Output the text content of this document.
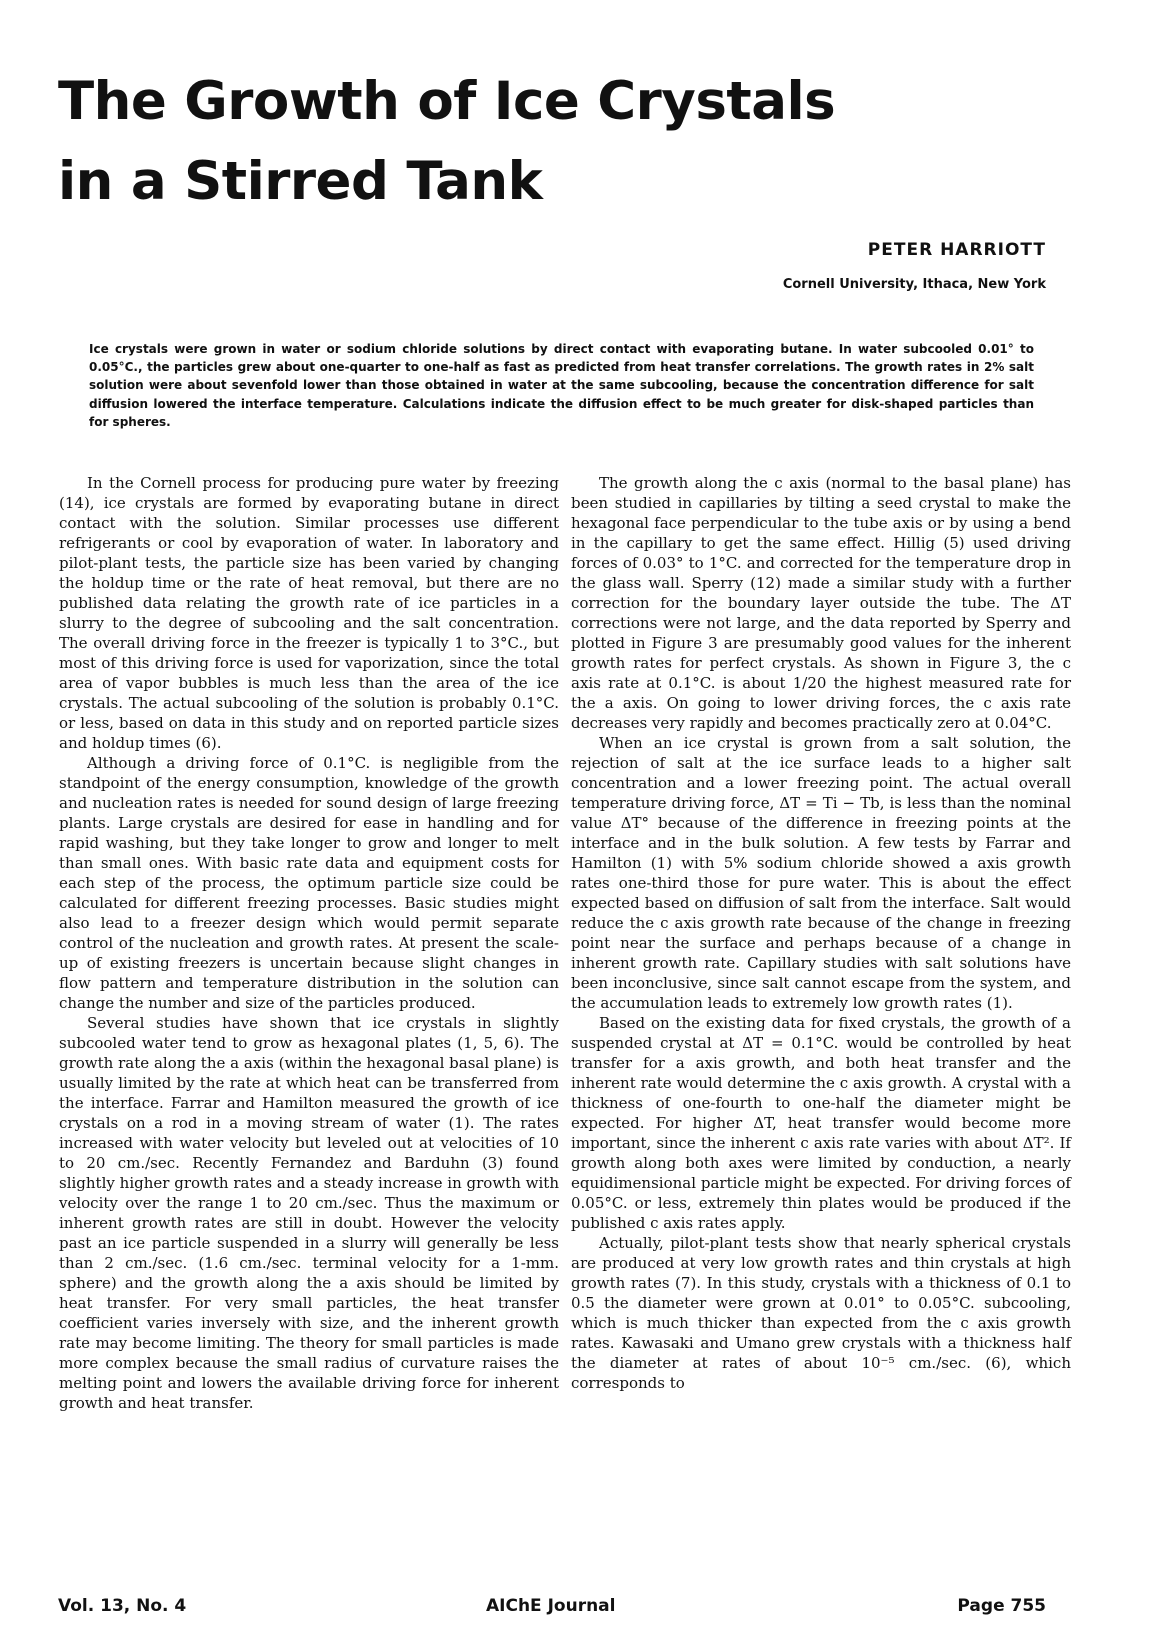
The Growth of Ice Crystals
in a Stirred Tank
PETER HARRIOTT
Cornell University, Ithaca, New York
Ice crystals were grown in water or sodium chloride solutions by direct contact with evaporating butane. In water subcooled 0.01° to 0.05°C., the particles grew about one-quarter to one-half as fast as predicted from heat transfer correlations. The growth rates in 2% salt solution were about sevenfold lower than those obtained in water at the same subcooling, because the concentration difference for salt diffusion lowered the interface temperature. Calculations indicate the diffusion effect to be much greater for disk-shaped particles than for spheres.

In the Cornell process for producing pure water by freezing (14), ice crystals are formed by evaporating butane in direct contact with the solution. Similar processes use different refrigerants or cool by evaporation of water. In laboratory and pilot-plant tests, the particle size has been varied by changing the holdup time or the rate of heat removal, but there are no published data relating the growth rate of ice particles in a slurry to the degree of subcooling and the salt concentration. The overall driving force in the freezer is typically 1 to 3°C., but most of this driving force is used for vaporization, since the total area of vapor bubbles is much less than the area of the ice crystals. The actual subcooling of the solution is probably 0.1°C. or less, based on data in this study and on reported particle sizes and holdup times (6).

Although a driving force of 0.1°C. is negligible from the standpoint of the energy consumption, knowledge of the growth and nucleation rates is needed for sound design of large freezing plants. Large crystals are desired for ease in handling and for rapid washing, but they take longer to grow and longer to melt than small ones. With basic rate data and equipment costs for each step of the process, the optimum particle size could be calculated for different freezing processes. Basic studies might also lead to a freezer design which would permit separate control of the nucleation and growth rates. At present the scale-up of existing freezers is uncertain because slight changes in flow pattern and temperature distribution in the solution can change the number and size of the particles produced.

Several studies have shown that ice crystals in slightly subcooled water tend to grow as hexagonal plates (1, 5, 6). The growth rate along the a axis (within the hexagonal basal plane) is usually limited by the rate at which heat can be transferred from the interface. Farrar and Hamilton measured the growth of ice crystals on a rod in a moving stream of water (1). The rates increased with water velocity but leveled out at velocities of 10 to 20 cm./sec. Recently Fernandez and Barduhn (3) found slightly higher growth rates and a steady increase in growth with velocity over the range 1 to 20 cm./sec. Thus the maximum or inherent growth rates are still in doubt. However the velocity past an ice particle suspended in a slurry will generally be less than 2 cm./sec. (1.6 cm./sec. terminal velocity for a 1-mm. sphere) and the growth along the a axis should be limited by heat transfer. For very small particles, the heat transfer coefficient varies inversely with size, and the inherent growth rate may become limiting. The theory for small particles is made more complex because the small radius of curvature raises the melting point and lowers the available driving force for inherent growth and heat transfer.

The growth along the c axis (normal to the basal plane) has been studied in capillaries by tilting a seed crystal to make the hexagonal face perpendicular to the tube axis or by using a bend in the capillary to get the same effect. Hillig (5) used driving forces of 0.03° to 1°C. and corrected for the temperature drop in the glass wall. Sperry (12) made a similar study with a further correction for the boundary layer outside the tube. The ΔT corrections were not large, and the data reported by Sperry and plotted in Figure 3 are presumably good values for the inherent growth rates for perfect crystals. As shown in Figure 3, the c axis rate at 0.1°C. is about 1/20 the highest measured rate for the a axis. On going to lower driving forces, the c axis rate decreases very rapidly and becomes practically zero at 0.04°C.

When an ice crystal is grown from a salt solution, the rejection of salt at the ice surface leads to a higher salt concentration and a lower freezing point. The actual overall temperature driving force, ΔT = Ti − Tb, is less than the nominal value ΔT° because of the difference in freezing points at the interface and in the bulk solution. A few tests by Farrar and Hamilton (1) with 5% sodium chloride showed a axis growth rates one-third those for pure water. This is about the effect expected based on diffusion of salt from the interface. Salt would reduce the c axis growth rate because of the change in freezing point near the surface and perhaps because of a change in inherent growth rate. Capillary studies with salt solutions have been inconclusive, since salt cannot escape from the system, and the accumulation leads to extremely low growth rates (1).

Based on the existing data for fixed crystals, the growth of a suspended crystal at ΔT = 0.1°C. would be controlled by heat transfer for a axis growth, and both heat transfer and the inherent rate would determine the c axis growth. A crystal with a thickness of one-fourth to one-half the diameter might be expected. For higher ΔT, heat transfer would become more important, since the inherent c axis rate varies with about ΔT². If growth along both axes were limited by conduction, a nearly equidimensional particle might be expected. For driving forces of 0.05°C. or less, extremely thin plates would be produced if the published c axis rates apply.

Actually, pilot-plant tests show that nearly spherical crystals are produced at very low growth rates and thin crystals at high growth rates (7). In this study, crystals with a thickness of 0.1 to 0.5 the diameter were grown at 0.01° to 0.05°C. subcooling, which is much thicker than expected from the c axis growth rates. Kawasaki and Umano grew crystals with a thickness half the diameter at rates of about 10⁻⁵ cm./sec. (6), which corresponds to

Vol. 13, No. 4	AIChE Journal	Page 755
